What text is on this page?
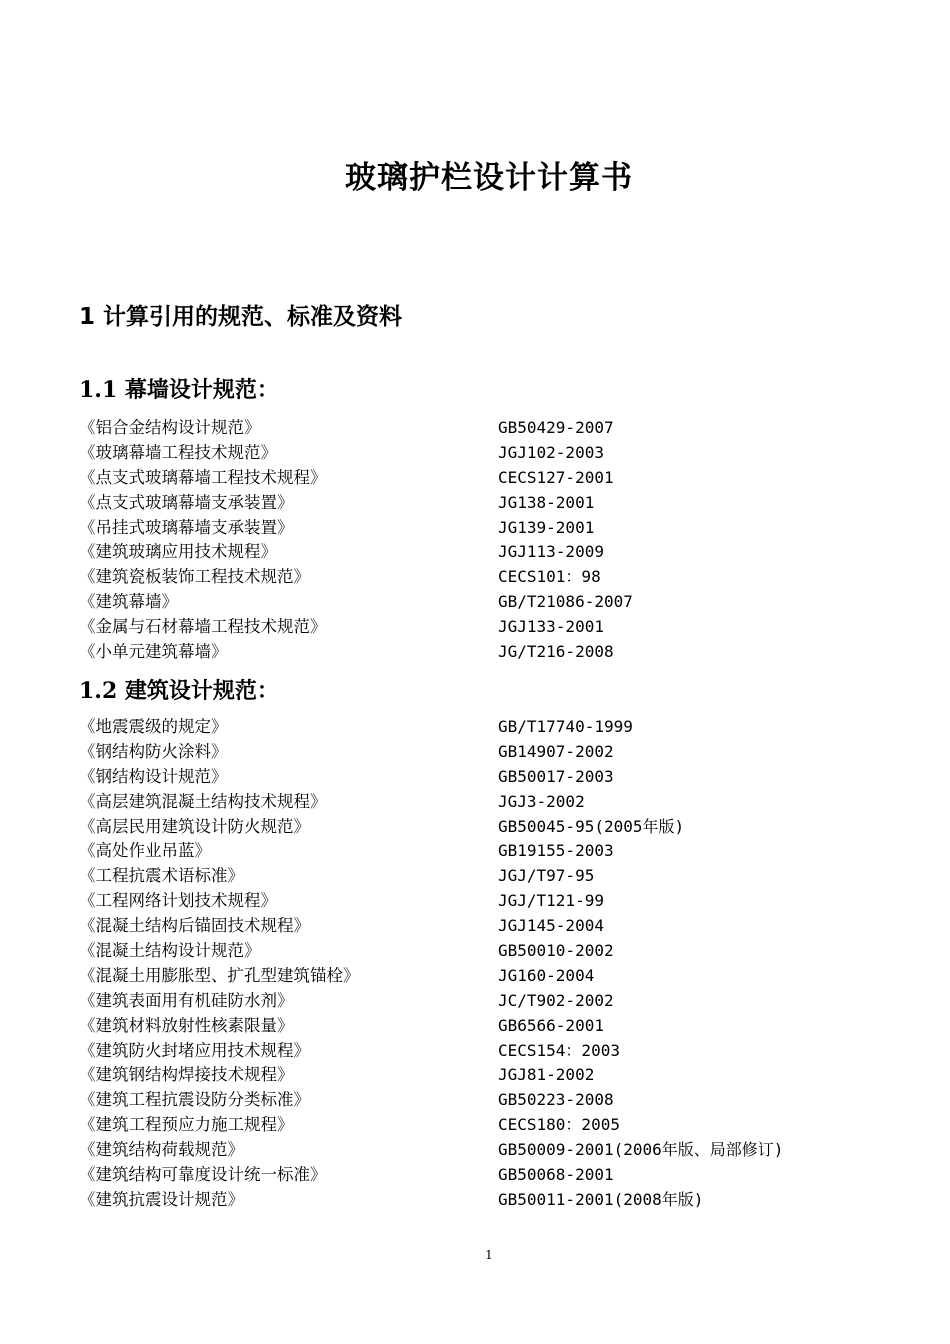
玻璃护栏设计计算书
1 计算引用的规范、标准及资料
1.1 幕墙设计规范：
《铝合金结构设计规范》	GB50429-2007
《玻璃幕墙工程技术规范》	JGJ102-2003
《点支式玻璃幕墙工程技术规程》	CECS127-2001
《点支式玻璃幕墙支承装置》	JG138-2001
《吊挂式玻璃幕墙支承装置》	JG139-2001
《建筑玻璃应用技术规程》	JGJ113-2009
《建筑瓷板装饰工程技术规范》	CECS101：98
《建筑幕墙》	GB/T21086-2007
《金属与石材幕墙工程技术规范》	JGJ133-2001
《小单元建筑幕墙》	JG/T216-2008
1.2 建筑设计规范：
《地震震级的规定》	GB/T17740-1999
《钢结构防火涂料》	GB14907-2002
《钢结构设计规范》	GB50017-2003
《高层建筑混凝土结构技术规程》	JGJ3-2002
《高层民用建筑设计防火规范》	GB50045-95(2005年版)
《高处作业吊蓝》	GB19155-2003
《工程抗震术语标准》	JGJ/T97-95
《工程网络计划技术规程》	JGJ/T121-99
《混凝土结构后锚固技术规程》	JGJ145-2004
《混凝土结构设计规范》	GB50010-2002
《混凝土用膨胀型、扩孔型建筑锚栓》	JG160-2004
《建筑表面用有机硅防水剂》	JC/T902-2002
《建筑材料放射性核素限量》	GB6566-2001
《建筑防火封堵应用技术规程》	CECS154：2003
《建筑钢结构焊接技术规程》	JGJ81-2002
《建筑工程抗震设防分类标准》	GB50223-2008
《建筑工程预应力施工规程》	CECS180：2005
《建筑结构荷载规范》	GB50009-2001(2006年版、局部修订)
《建筑结构可靠度设计统一标准》	GB50068-2001
《建筑抗震设计规范》	GB50011-2001(2008年版)
1
